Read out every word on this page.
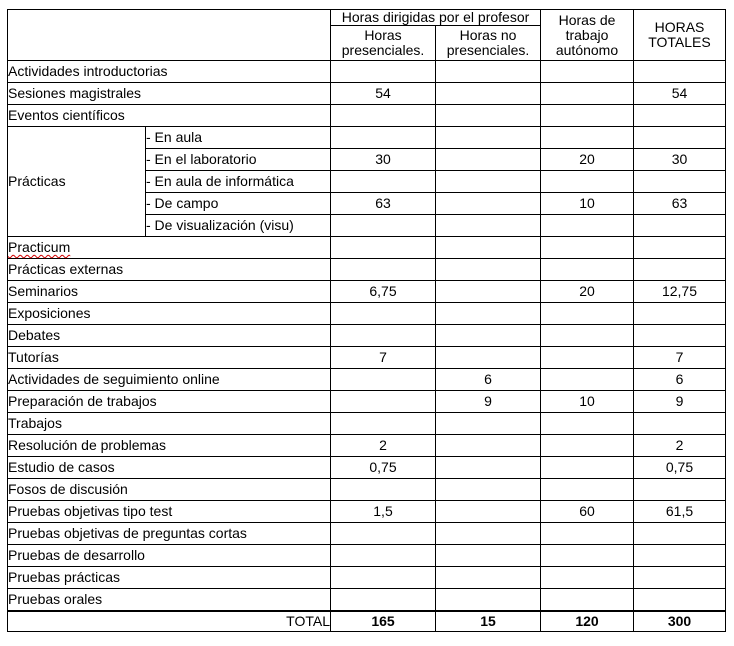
		Horas dirigidas por el profesor		Horas de trabajo autónomo	HORAS TOTALES
		Horas presenciales.	Horas no presenciales.		
Actividades introductorias					
Sesiones magistrales		54			54
Eventos científicos					
Prácticas	- En aula				
	- En el laboratorio	30		20	30
	- En aula de informática				
	- De campo	63		10	63
	- De visualización (visu)				
Practicum					
Prácticas externas					
Seminarios		6,75		20	12,75
Exposiciones					
Debates					
Tutorías		7			7
Actividades de seguimiento online			6		6
Preparación de trabajos			9	10	9
Trabajos					
Resolución de problemas		2			2
Estudio de casos		0,75			0,75
Fosos de discusión					
Pruebas objetivas tipo test		1,5		60	61,5
Pruebas objetivas de preguntas cortas					
Pruebas de desarrollo					
Pruebas prácticas					
Pruebas orales					
TOTAL		165	15	120	300
